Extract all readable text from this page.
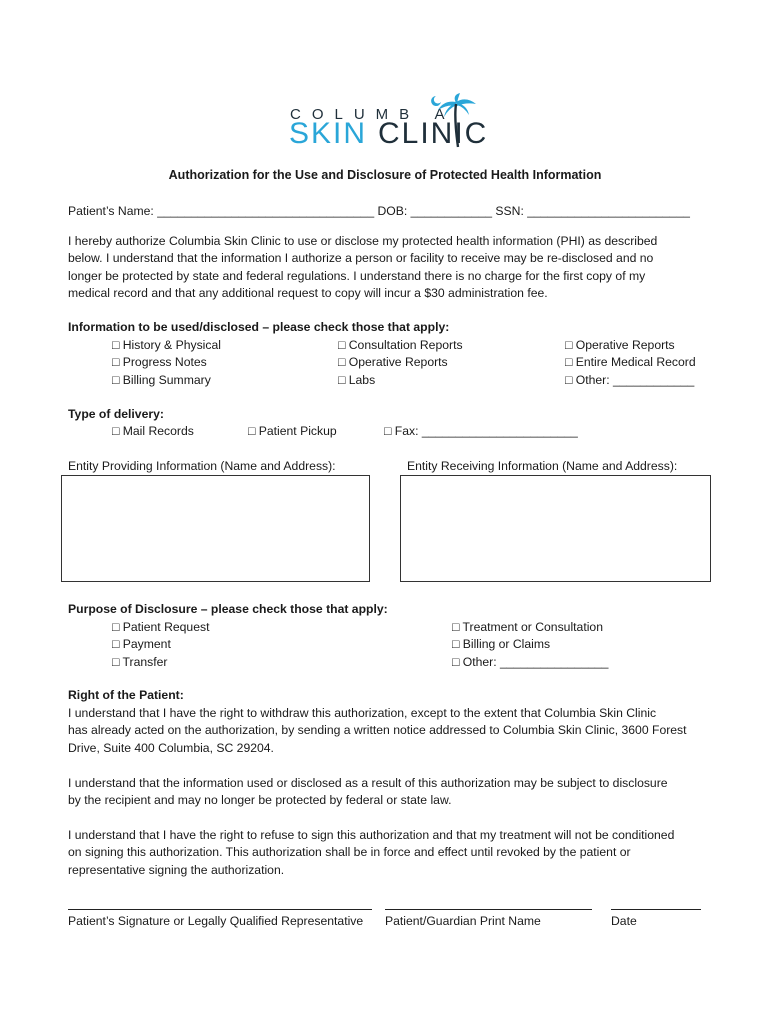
COLUMB A
SKIN CLINIC
Authorization for the Use and Disclosure of Protected Health Information
Patient’s Name: ________________________________ DOB: ____________ SSN: ________________________
I hereby authorize Columbia Skin Clinic to use or disclose my protected health information (PHI) as described
below. I understand that the information I authorize a person or facility to receive may be re-disclosed and no
longer be protected by state and federal regulations. I understand there is no charge for the first copy of my
medical record and that any additional request to copy will incur a $30 administration fee.
Information to be used/disclosed – please check those that apply:
□ History & Physical
□ Progress Notes
□ Billing Summary
□ Consultation Reports
□ Operative Reports
□ Labs
□ Operative Reports
□ Entire Medical Record
□ Other: ____________
Type of delivery:
□ Mail Records	□ Patient Pickup	□ Fax: _______________________
Entity Providing Information (Name and Address):	Entity Receiving Information (Name and Address):
Purpose of Disclosure – please check those that apply:
□ Patient Request
□ Payment
□ Transfer
□ Treatment or Consultation
□ Billing or Claims
□ Other: ________________
Right of the Patient:
I understand that I have the right to withdraw this authorization, except to the extent that Columbia Skin Clinic
has already acted on the authorization, by sending a written notice addressed to Columbia Skin Clinic, 3600 Forest
Drive, Suite 400 Columbia, SC 29204.
I understand that the information used or disclosed as a result of this authorization may be subject to disclosure
by the recipient and may no longer be protected by federal or state law.
I understand that I have the right to refuse to sign this authorization and that my treatment will not be conditioned
on signing this authorization. This authorization shall be in force and effect until revoked by the patient or
representative signing the authorization.
Patient’s Signature or Legally Qualified Representative Patient/Guardian Print Name	Date
